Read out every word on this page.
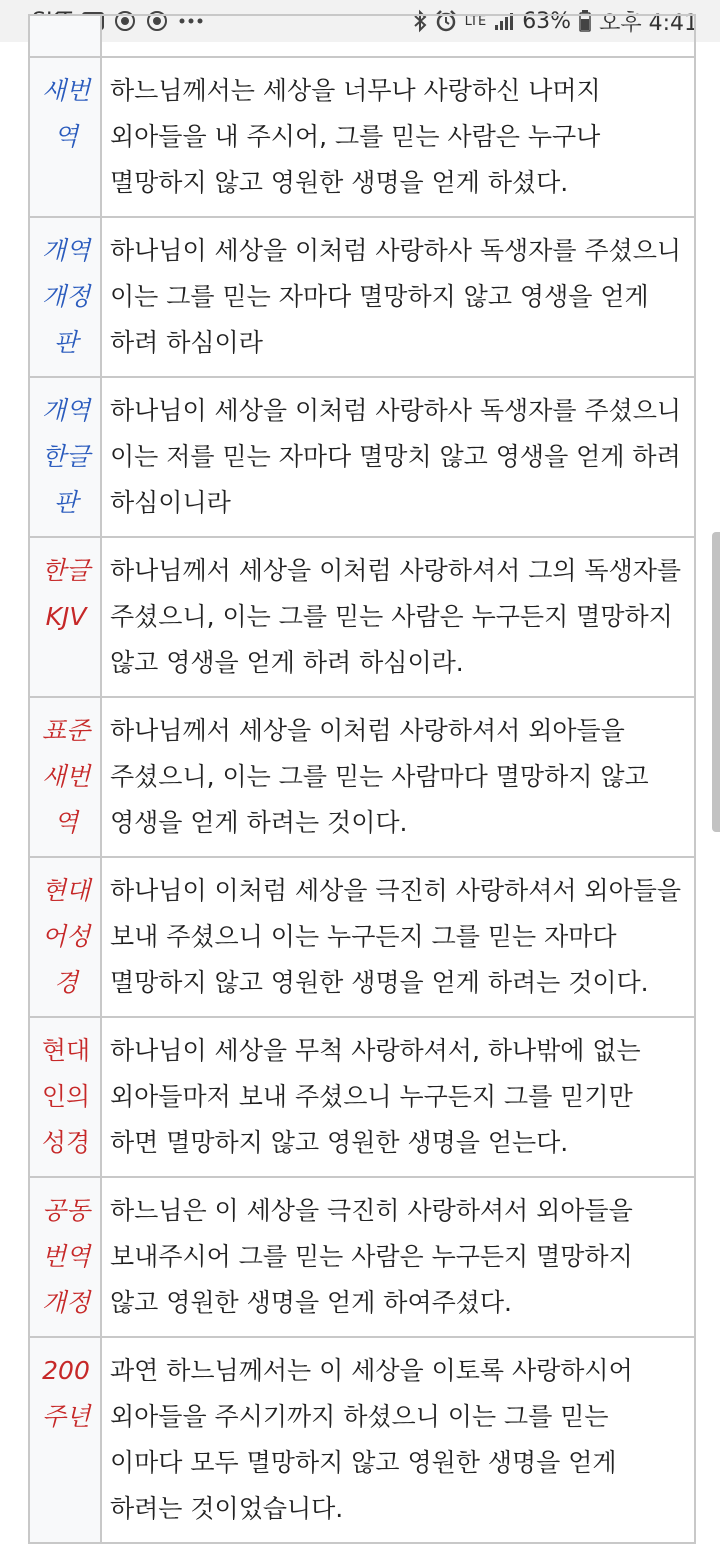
LTE 63% 오후 4:41

새번역	하느님께서는 세상을 너무나 사랑하신 나머지 외아들을 내 주시어, 그를 믿는 사람은 누구나 멸망하지 않고 영원한 생명을 얻게 하셨다.
개역개정판	하나님이 세상을 이처럼 사랑하사 독생자를 주셨으니 이는 그를 믿는 자마다 멸망하지 않고 영생을 얻게 하려 하심이라
개역한글판	하나님이 세상을 이처럼 사랑하사 독생자를 주셨으니 이는 저를 믿는 자마다 멸망치 않고 영생을 얻게 하려 하심이니라
한글KJV	하나님께서 세상을 이처럼 사랑하셔서 그의 독생자를 주셨으니, 이는 그를 믿는 사람은 누구든지 멸망하지 않고 영생을 얻게 하려 하심이라.
표준새번역	하나님께서 세상을 이처럼 사랑하셔서 외아들을 주셨으니, 이는 그를 믿는 사람마다 멸망하지 않고 영생을 얻게 하려는 것이다.
현대어성경	하나님이 이처럼 세상을 극진히 사랑하셔서 외아들을 보내 주셨으니 이는 누구든지 그를 믿는 자마다 멸망하지 않고 영원한 생명을 얻게 하려는 것이다.
현대인의성경	하나님이 세상을 무척 사랑하셔서, 하나밖에 없는 외아들마저 보내 주셨으니 누구든지 그를 믿기만 하면 멸망하지 않고 영원한 생명을 얻는다.
공동번역개정	하느님은 이 세상을 극진히 사랑하셔서 외아들을 보내주시어 그를 믿는 사람은 누구든지 멸망하지 않고 영원한 생명을 얻게 하여주셨다.
200주년	과연 하느님께서는 이 세상을 이토록 사랑하시어 외아들을 주시기까지 하셨으니 이는 그를 믿는 이마다 모두 멸망하지 않고 영원한 생명을 얻게 하려는 것이었습니다.
